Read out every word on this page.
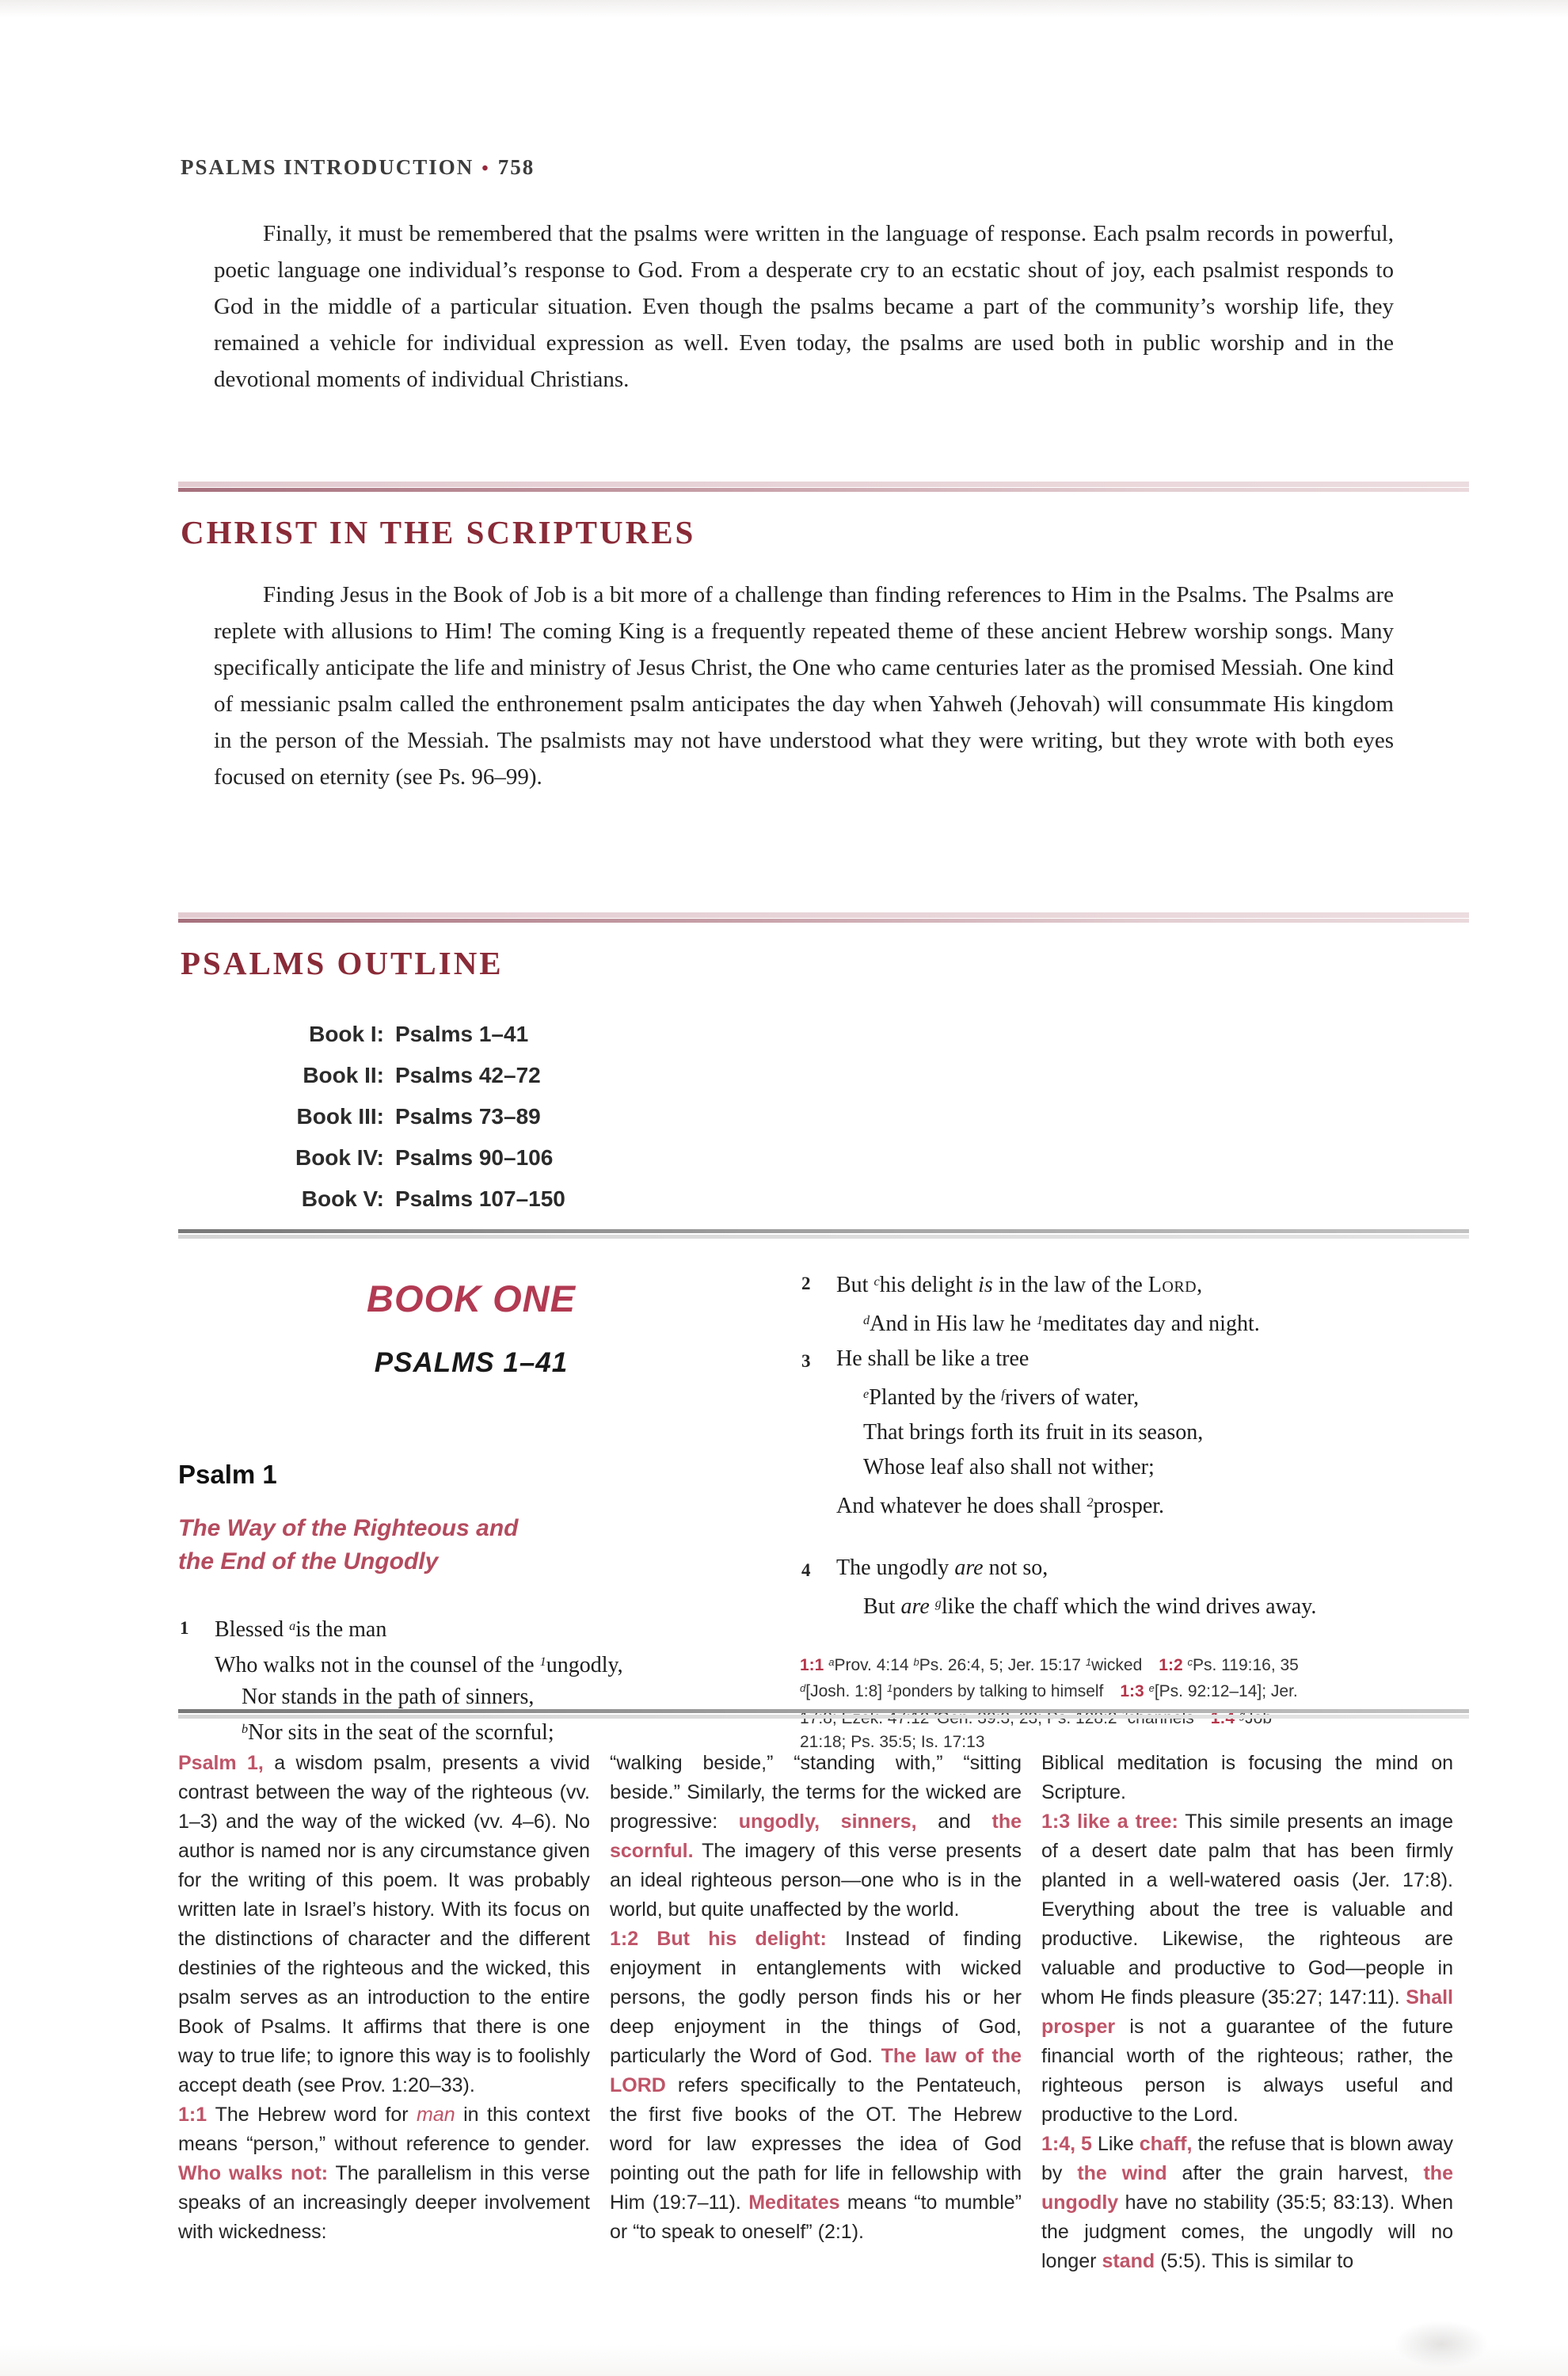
PSALMS INTRODUCTION • 758
Finally, it must be remembered that the psalms were written in the language of response. Each psalm records in powerful, poetic language one individual’s response to God. From a desperate cry to an ecstatic shout of joy, each psalmist responds to God in the middle of a particular situation. Even though the psalms became a part of the community’s worship life, they remained a vehicle for individual expression as well. Even today, the psalms are used both in public worship and in the devotional moments of individual Christians.
CHRIST IN THE SCRIPTURES
Finding Jesus in the Book of Job is a bit more of a challenge than finding references to Him in the Psalms. The Psalms are replete with allusions to Him! The coming King is a frequently repeated theme of these ancient Hebrew worship songs. Many specifically anticipate the life and ministry of Jesus Christ, the One who came centuries later as the promised Messiah. One kind of messianic psalm called the enthronement psalm anticipates the day when Yahweh (Jehovah) will consummate His kingdom in the person of the Messiah. The psalmists may not have understood what they were writing, but they wrote with both eyes focused on eternity (see Ps. 96–99).
PSALMS OUTLINE
Book I: Psalms 1–41
Book II: Psalms 42–72
Book III: Psalms 73–89
Book IV: Psalms 90–106
Book V: Psalms 107–150
BOOK ONE
PSALMS 1–41
Psalm 1
The Way of the Righteous and
the End of the Ungodly
1 Blessed $^a$is the man
Who walks not in the counsel of the $^1$ungodly,
Nor stands in the path of sinners,
$^b$Nor sits in the seat of the scornful;
2 But $^c$his delight is in the law of the Lord,
$^d$And in His law he $^1$meditates day and night.
3 He shall be like a tree
$^e$Planted by the $^f$rivers of water,
That brings forth its fruit in its season,
Whose leaf also shall not wither;
And whatever he does shall $^2$prosper.
4 The ungodly are not so,
But are $^g$like the chaff which the wind drives away.
1:1 $^a$Prov. 4:14 $^b$Ps. 26:4, 5; Jer. 15:17 $^1$wicked 1:2 $^c$Ps. 119:16, 35
$^d$[Josh. 1:8] $^1$ponders by talking to himself 1:3 $^e$[Ps. 92:12–14]; Jer.
21:18; Ps. 35:5; Is. 17:13
Psalm 1, a wisdom psalm, presents a vivid contrast between the way of the righteous (vv. 1–3) and the way of the wicked (vv. 4–6). No author is named nor is any circumstance given for the writing of this poem. It was probably written late in Israel’s history. With its focus on the distinctions of character and the different destinies of the righteous and the wicked, this psalm serves as an introduction to the entire Book of Psalms. It affirms that there is one way to true life; to ignore this way is to foolishly accept death (see Prov. 1:20–33).
1:1 The Hebrew word for man in this context means “person,” without reference to gender. Who walks not: The parallelism in this verse speaks of an increasingly deeper involvement with wickedness:
“walking beside,” “standing with,” “sitting beside.” Similarly, the terms for the wicked are progressive: ungodly, sinners, and the scornful. The imagery of this verse presents an ideal righteous person—one who is in the world, but quite unaffected by the world.
1:2 But his delight: Instead of finding enjoyment in entanglements with wicked persons, the godly person finds his or her deep enjoyment in the things of God, particularly the Word of God. The law of the LORD refers specifically to the Pentateuch, the first five books of the OT. The Hebrew word for law expresses the idea of God pointing out the path for life in fellowship with Him (19:7–11). Meditates means “to mumble” or “to speak to oneself” (2:1).
Biblical meditation is focusing the mind on Scripture.
1:3 like a tree: This simile presents an image of a desert date palm that has been firmly planted in a well-watered oasis (Jer. 17:8). Everything about the tree is valuable and productive. Likewise, the righteous are valuable and productive to God—people in whom He finds pleasure (35:27; 147:11). Shall prosper is not a guarantee of the future financial worth of the righteous; rather, the righteous person is always useful and productive to the Lord.
1:4, 5 Like chaff, the refuse that is blown away by the wind after the grain harvest, the ungodly have no stability (35:5; 83:13). When the judgment comes, the ungodly will no longer stand (5:5). This is similar to
